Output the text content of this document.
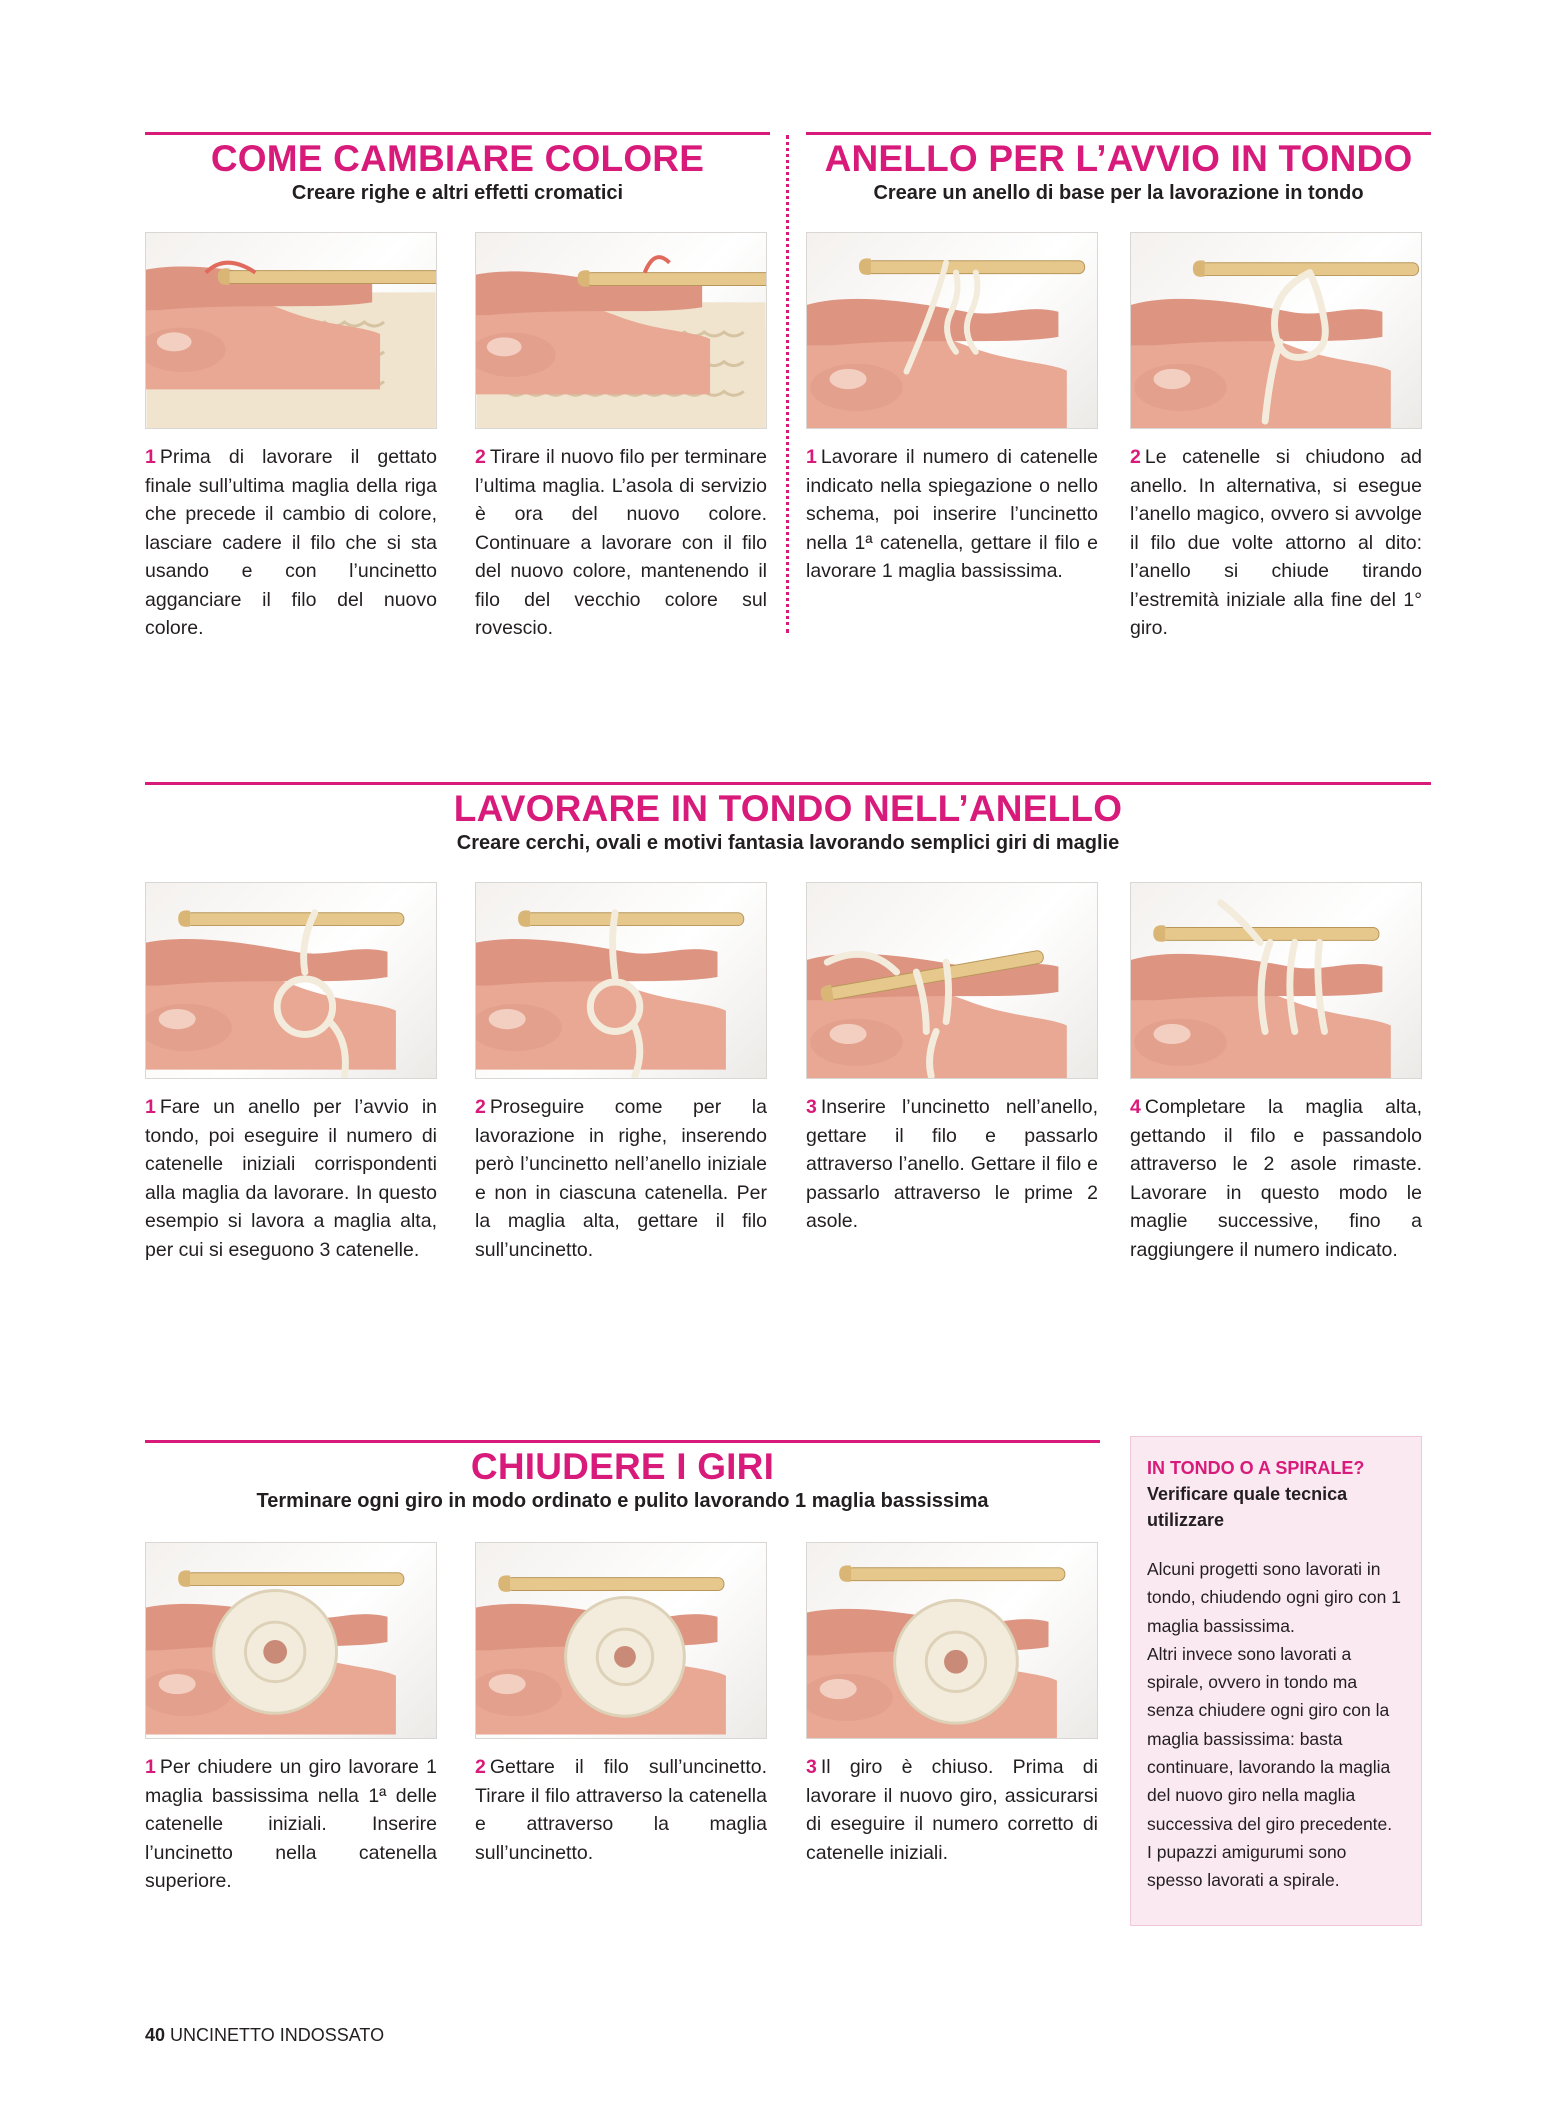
COME CAMBIARE COLORE
Creare righe e altri effetti cromatici
1 Prima di lavorare il gettato finale sull’ultima maglia della riga che precede il cambio di colore, lasciare cadere il filo che si sta usando e con l’uncinetto agganciare il filo del nuovo colore.
2 Tirare il nuovo filo per terminare l’ultima maglia. L’asola di servizio è ora del nuovo colore. Continuare a lavorare con il filo del nuovo colore, mantenendo il filo del vecchio colore sul rovescio.
ANELLO PER L’AVVIO IN TONDO
Creare un anello di base per la lavorazione in tondo
1 Lavorare il numero di catenelle indicato nella spiegazione o nello schema, poi inserire l’uncinetto nella 1ª catenella, gettare il filo e lavorare 1 maglia bassissima.
2 Le catenelle si chiudono ad anello. In alternativa, si esegue l’anello magico, ovvero si avvolge il filo due volte attorno al dito: l’anello si chiude tirando l’estremità iniziale alla fine del 1° giro.
LAVORARE IN TONDO NELL’ANELLO
Creare cerchi, ovali e motivi fantasia lavorando semplici giri di maglie
1 Fare un anello per l’avvio in tondo, poi eseguire il numero di catenelle iniziali corrispondenti alla maglia da lavorare. In questo esempio si lavora a maglia alta, per cui si eseguono 3 catenelle.
2 Proseguire come per la lavorazione in righe, inserendo però l’uncinetto nell’anello iniziale e non in ciascuna catenella. Per la maglia alta, gettare il filo sull’uncinetto.
3 Inserire l’uncinetto nell’anello, gettare il filo e passarlo attraverso l’anello. Gettare il filo e passarlo attraverso le prime 2 asole.
4 Completare la maglia alta, gettando il filo e passandolo attraverso le 2 asole rimaste. Lavorare in questo modo le maglie successive, fino a raggiungere il numero indicato.
CHIUDERE I GIRI
Terminare ogni giro in modo ordinato e pulito lavorando 1 maglia bassissima
1 Per chiudere un giro lavorare 1 maglia bassissima nella 1ª delle catenelle iniziali. Inserire l’uncinetto nella catenella superiore.
2 Gettare il filo sull’uncinetto. Tirare il filo attraverso la catenella e attraverso la maglia sull’uncinetto.
3 Il giro è chiuso. Prima di lavorare il nuovo giro, assicurarsi di eseguire il numero corretto di catenelle iniziali.
IN TONDO O A SPIRALE?
Verificare quale tecnica utilizzare

Alcuni progetti sono lavorati in tondo, chiudendo ogni giro con 1 maglia bassissima.

Altri invece sono lavorati a spirale, ovvero in tondo ma senza chiudere ogni giro con la maglia bassissima: basta continuare, lavorando la maglia del nuovo giro nella maglia successiva del giro precedente.

I pupazzi amigurumi sono spesso lavorati a spirale.

40 UNCINETTO INDOSSATO
